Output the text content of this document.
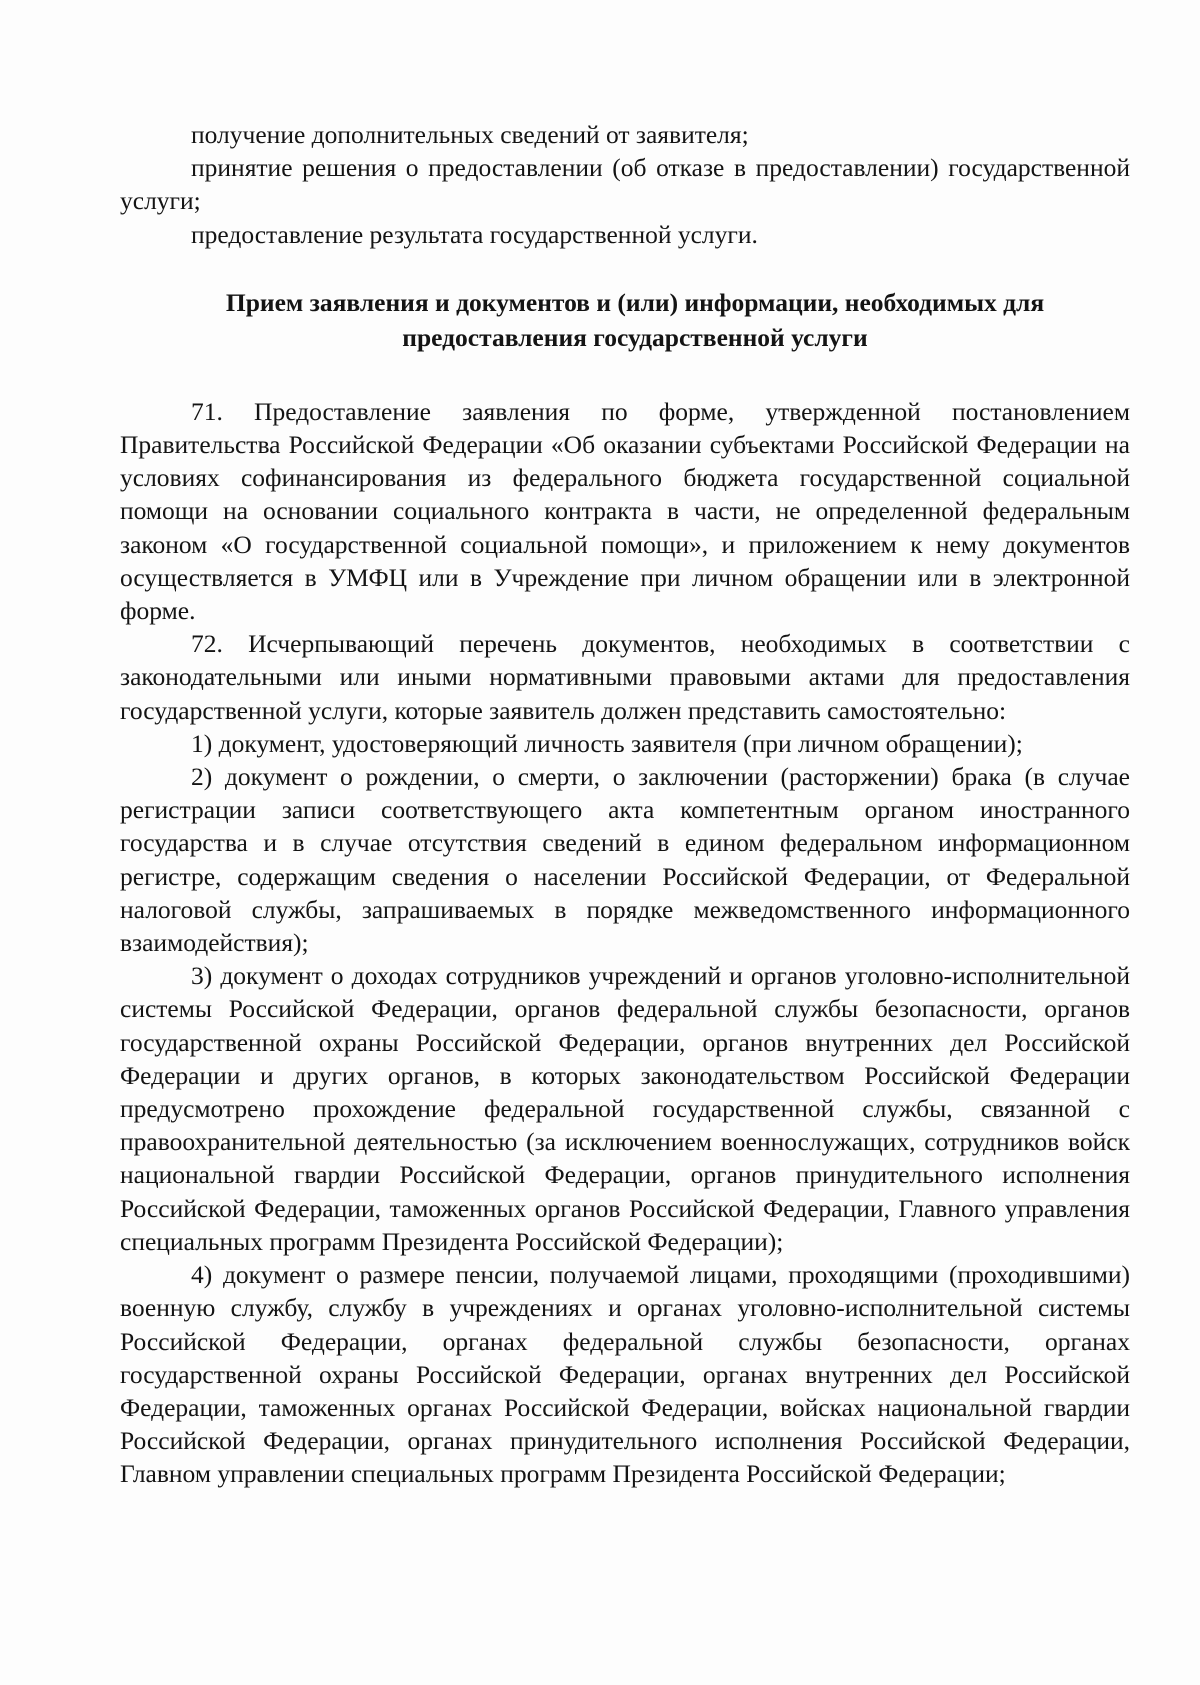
получение дополнительных сведений от заявителя;

принятие решения о предоставлении (об отказе в предоставлении) государственной услуги;

предоставление результата государственной услуги.

Прием заявления и документов и (или) информации, необходимых для предоставления государственной услуги

71. Предоставление заявления по форме, утвержденной постановлением Правительства Российской Федерации «Об оказании субъектами Российской Федерации на условиях софинансирования из федерального бюджета государственной социальной помощи на основании социального контракта в части, не определенной федеральным законом «О государственной социальной помощи», и приложением к нему документов осуществляется в УМФЦ или в Учреждение при личном обращении или в электронной форме.

72. Исчерпывающий перечень документов, необходимых в соответствии с законодательными или иными нормативными правовыми актами для предоставления государственной услуги, которые заявитель должен представить самостоятельно:

1) документ, удостоверяющий личность заявителя (при личном обращении);

2) документ о рождении, о смерти, о заключении (расторжении) брака (в случае регистрации записи соответствующего акта компетентным органом иностранного государства и в случае отсутствия сведений в едином федеральном информационном регистре, содержащим сведения о населении Российской Федерации, от Федеральной налоговой службы, запрашиваемых в порядке межведомственного информационного взаимодействия);

3) документ о доходах сотрудников учреждений и органов уголовно-исполнительной системы Российской Федерации, органов федеральной службы безопасности, органов государственной охраны Российской Федерации, органов внутренних дел Российской Федерации и других органов, в которых законодательством Российской Федерации предусмотрено прохождение федеральной государственной службы, связанной с правоохранительной деятельностью (за исключением военнослужащих, сотрудников войск национальной гвардии Российской Федерации, органов принудительного исполнения Российской Федерации, таможенных органов Российской Федерации, Главного управления специальных программ Президента Российской Федерации);

4) документ о размере пенсии, получаемой лицами, проходящими (проходившими) военную службу, службу в учреждениях и органах уголовно-исполнительной системы Российской Федерации, органах федеральной службы безопасности, органах государственной охраны Российской Федерации, органах внутренних дел Российской Федерации, таможенных органах Российской Федерации, войсках национальной гвардии Российской Федерации, органах принудительного исполнения Российской Федерации, Главном управлении специальных программ Президента Российской Федерации;
